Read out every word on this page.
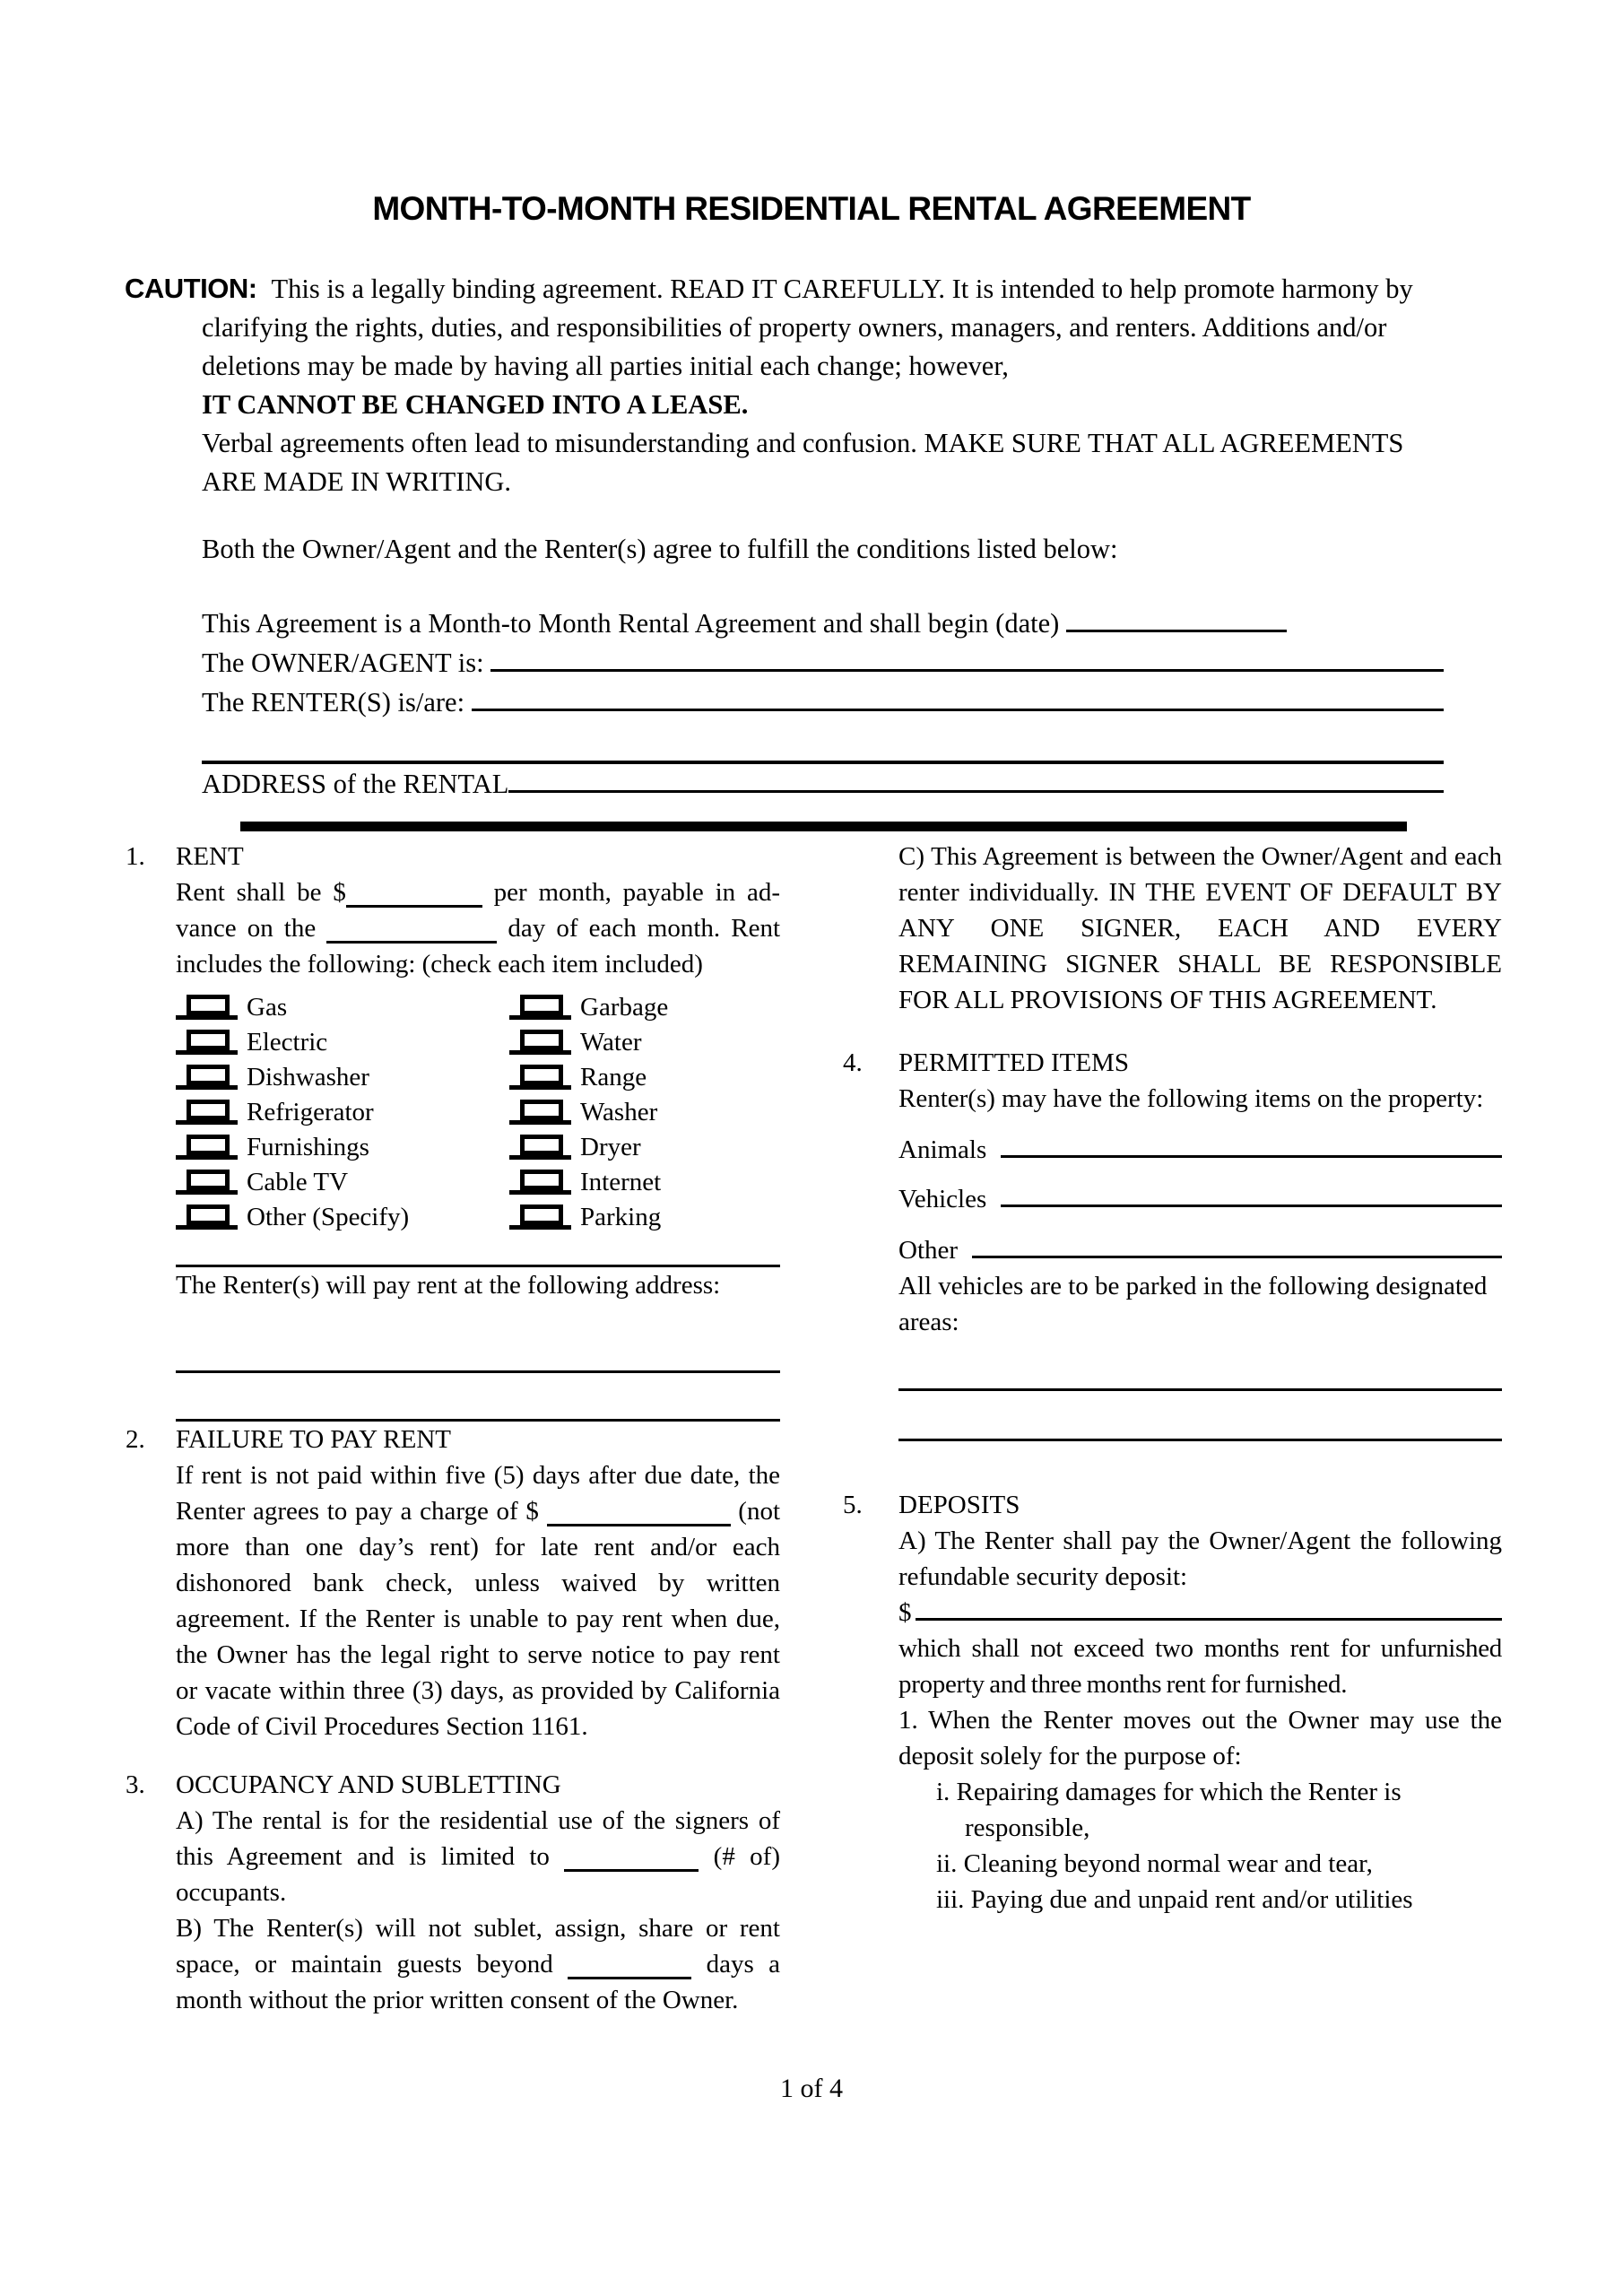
MONTH-TO-MONTH RESIDENTIAL RENTAL AGREEMENT

CAUTION: This is a legally binding agreement. READ IT CAREFULLY. It is intended to help promote harmony by clarifying the rights, duties, and responsibilities of property owners, managers, and renters. Additions and/or deletions may be made by having all parties initial each change; however,

IT CANNOT BE CHANGED INTO A LEASE.

Verbal agreements often lead to misunderstanding and confusion. MAKE SURE THAT ALL AGREEMENTS ARE MADE IN WRITING.

Both the Owner/Agent and the Renter(s) agree to fulfill the conditions listed below:
This Agreement is a Month-to Month Rental Agreement and shall begin (date)

The OWNER/AGENT is:

The RENTER(S) is/are:

ADDRESS of the RENTAL
1. RENT

Rent shall be $	per month, payable in advance on the	day of each month. Rent includes the following: (check each item included)

Gas	Garbage
Electric	Water
Dishwasher	Range
Refrigerator	Washer
Furnishings	Dryer
Cable TV	Internet
Other (Specify)	Parking

The Renter(s) will pay rent at the following address:

2. FAILURE TO PAY RENT

If rent is not paid within five (5) days after due date, the Renter agrees to pay a charge of $	(not more than one day’s rent) for late rent and/or each dishonored bank check, unless waived by written agreement. If the Renter is unable to pay rent when due, the Owner has the legal right to serve notice to pay rent or vacate within three (3) days, as provided by California Code of Civil Procedures Section 1161.

3. OCCUPANCY AND SUBLETTING

A) The rental is for the residential use of the signers of this Agreement and is limited to	(# of) occupants.

B) The Renter(s) will not sublet, assign, share or rent space, or maintain guests beyond	days a month without the prior written consent of the Owner.

C) This Agreement is between the Owner/Agent and each renter individually. IN THE EVENT OF DEFAULT BY ANY ONE SIGNER, EACH AND EVERY REMAINING SIGNER SHALL BE RESPONSIBLE FOR ALL PROVISIONS OF THIS AGREEMENT.

4. PERMITTED ITEMS

Renter(s) may have the following items on the property:

Animals
Vehicles
Other

All vehicles are to be parked in the following designated areas:

5. DEPOSITS

A) The Renter shall pay the Owner/Agent the following refundable security deposit:

$

which shall not exceed two months rent for unfurnished property and three months rent for furnished.

1. When the Renter moves out the Owner may use the deposit solely for the purpose of:

i. Repairing damages for which the Renter is responsible,

ii. Cleaning beyond normal wear and tear,

iii. Paying due and unpaid rent and/or utilities

1 of 4
